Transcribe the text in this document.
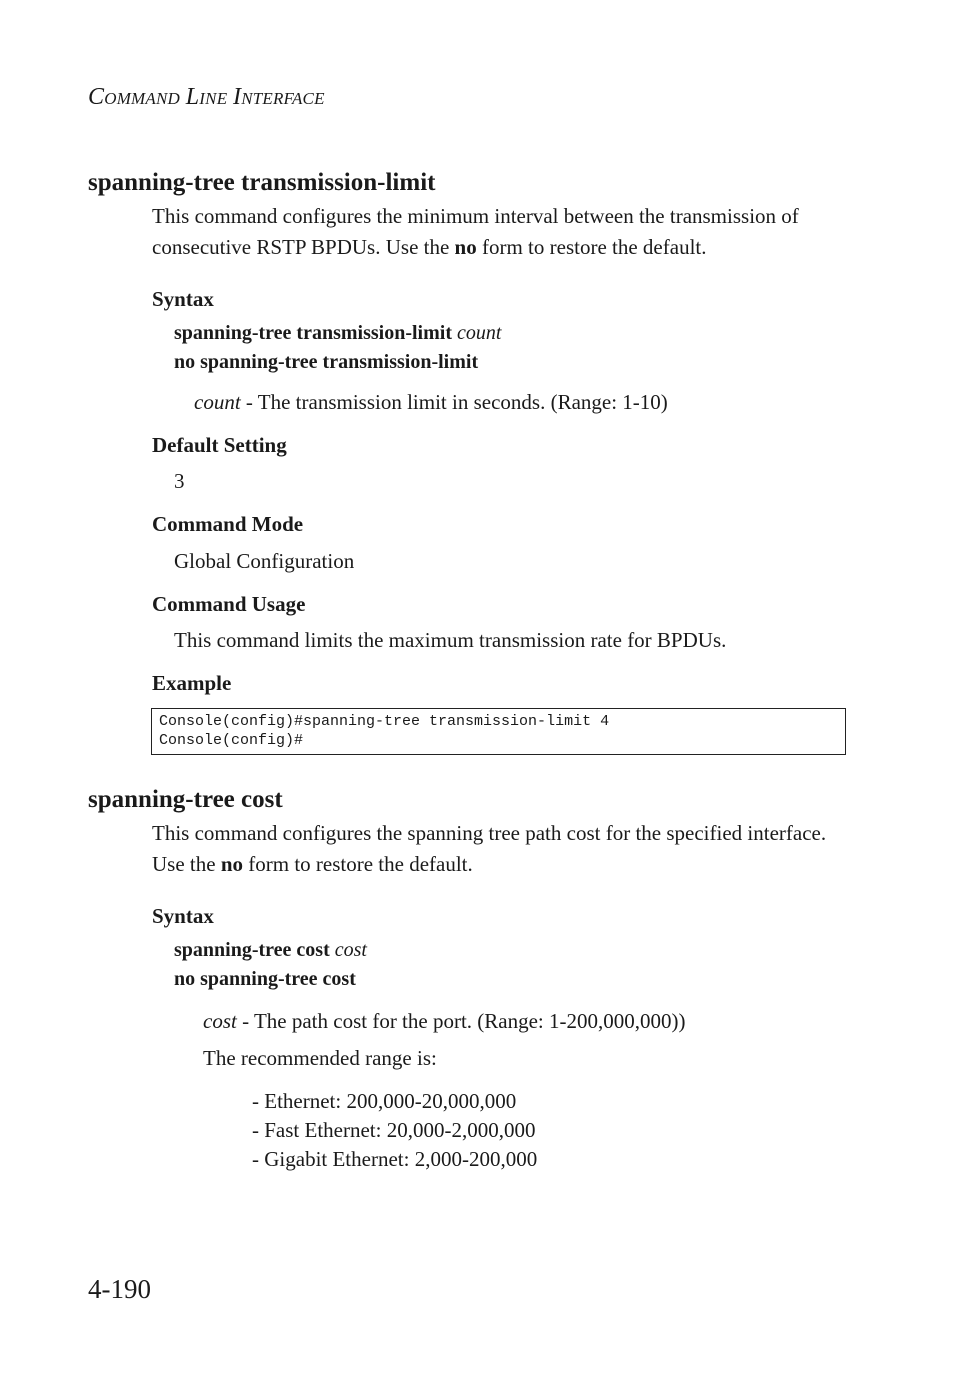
COMMAND LINE INTERFACE
spanning-tree transmission-limit
This command configures the minimum interval between the transmission of consecutive RSTP BPDUs. Use the no form to restore the default.
Syntax
spanning-tree transmission-limit count
no spanning-tree transmission-limit
count - The transmission limit in seconds. (Range: 1-10)
Default Setting
3
Command Mode
Global Configuration
Command Usage
This command limits the maximum transmission rate for BPDUs.
Example
Console(config)#spanning-tree transmission-limit 4
Console(config)#
spanning-tree cost
This command configures the spanning tree path cost for the specified interface. Use the no form to restore the default.
Syntax
spanning-tree cost cost
no spanning-tree cost
cost - The path cost for the port. (Range: 1-200,000,000))
The recommended range is:
- Ethernet: 200,000-20,000,000
- Fast Ethernet: 20,000-2,000,000
- Gigabit Ethernet: 2,000-200,000
4-190
